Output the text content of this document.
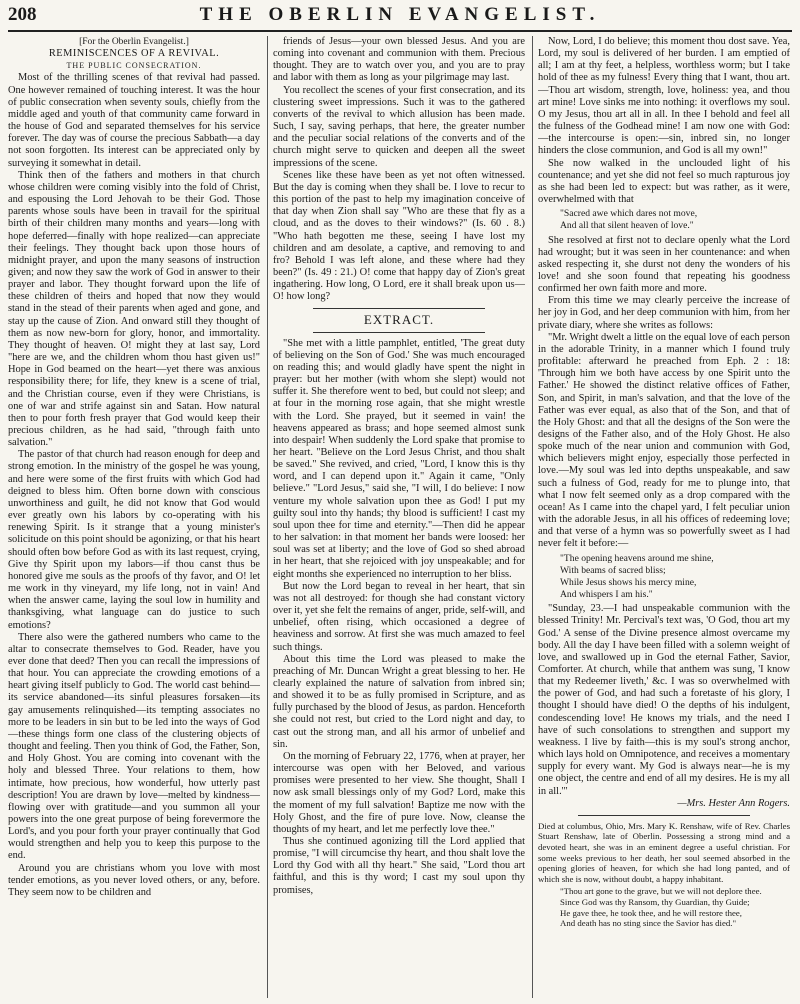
208	THE OBERLIN EVANGELIST.

[For the Oberlin Evangelist.]

REMINISCENCES OF A REVIVAL.

THE PUBLIC CONSECRATION.

Most of the thrilling scenes of that revival had passed. One however remained of touching interest. It was the hour of public consecration when seventy souls, chiefly from the middle aged and youth of that community came forward in the house of God and separated themselves for his service forever. The day was of course the precious Sabbath—a day not soon forgotten. Its interest can be appreciated only by surveying it somewhat in detail.

Think then of the fathers and mothers in that church whose children were coming visibly into the fold of Christ, and espousing the Lord Jehovah to be their God. Those parents whose souls have been in travail for the spiritual birth of their children many months and years—long with hope deferred—finally with hope realized—can appreciate their feelings. They thought back upon those hours of midnight prayer, and upon the many seasons of instruction given; and now they saw the work of God in answer to their prayer and labor. They thought forward upon the life of these children of theirs and hoped that now they would stand in the stead of their parents when aged and gone, and stay up the cause of Zion. And onward still they thought of them as now new-born for glory, honor, and immortality. They thought of heaven. O! might they at last say, Lord "here are we, and the children whom thou hast given us!" Hope in God beamed on the heart—yet there was anxious responsibility there; for life, they knew is a scene of trial, and the Christian course, even if they were Christians, is one of war and strife against sin and Satan. How natural then to pour forth fresh prayer that God would keep their precious children, as he had said, "through faith unto salvation."

The pastor of that church had reason enough for deep and strong emotion. In the ministry of the gospel he was young, and here were some of the first fruits with which God had deigned to bless him. Often borne down with conscious unworthiness and guilt, he did not know that God would ever greatly own his labors by co-operating with his renewing Spirit. Is it strange that a young minister's solicitude on this point should be agonizing, or that his heart should often bow before God as with its last request, crying, Give thy Spirit upon my labors—if thou canst thus be honored give me souls as the proofs of thy favor, and O! let me work in thy vineyard, my life long, not in vain! And when the answer came, laying the soul low in humility and thanksgiving, what language can do justice to such emotions?

There also were the gathered numbers who came to the altar to consecrate themselves to God. Reader, have you ever done that deed? Then you can recall the impressions of that hour. You can appreciate the crowding emotions of a heart giving itself publicly to God. The world cast behind—its service abandoned—its sinful pleasures forsaken—its gay amusements relinquished—its tempting associates no more to be leaders in sin but to be led into the ways of God—these things form one class of the clustering objects of thought and feeling. Then you think of God, the Father, Son, and Holy Ghost. You are coming into covenant with the holy and blessed Three. Your relations to them, how intimate, how precious, how wonderful, how utterly past description! You are drawn by love—melted by kindness—flowing over with gratitude—and you summon all your powers into the one great purpose of being forevermore the Lord's, and you pour forth your prayer continually that God would strengthen and help you to keep this purpose to the end.

Around you are christians whom you love with most tender emotions, as you never loved others, or any, before. They seem now to be children and

friends of Jesus—your own blessed Jesus. And you are coming into covenant and communion with them. Precious thought. They are to watch over you, and you are to pray and labor with them as long as your pilgrimage may last.

You recollect the scenes of your first consecration, and its clustering sweet impressions. Such it was to the gathered converts of the revival to which allusion has been made. Such, I say, saving perhaps, that here, the greater number and the peculiar social relations of the converts and of the church might serve to quicken and deepen all the sweet impressions of the scene.

Scenes like these have been as yet not often witnessed. But the day is coming when they shall be. I love to recur to this portion of the past to help my imagination conceive of that day when Zion shall say "Who are these that fly as a cloud, and as the doves to their windows?" (Is. 60 . 8.) "Who hath begotten me these, seeing I have lost my children and am desolate, a captive, and removing to and fro? Behold I was left alone, and these where had they been?" (Is. 49 : 21.) O! come that happy day of Zion's great ingathering. How long, O Lord, ere it shall break upon us—O! how long?

EXTRACT.

"She met with a little pamphlet, entitled, 'The great duty of believing on the Son of God.' She was much encouraged on reading this; and would gladly have spent the night in prayer: but her mother (with whom she slept) would not suffer it. She therefore went to bed, but could not sleep; and at four in the morning rose again, that she might wrestle with the Lord. She prayed, but it seemed in vain! the heavens appeared as brass; and hope seemed almost sunk into despair! When suddenly the Lord spake that promise to her heart. "Believe on the Lord Jesus Christ, and thou shalt be saved." She revived, and cried, "Lord, I know this is thy word, and I can depend upon it." Again it came, "Only believe." "Lord Jesus," said she, "I will, I do believe: I now venture my whole salvation upon thee as God! I put my guilty soul into thy hands; thy blood is sufficient! I cast my soul upon thee for time and eternity."—Then did he appear to her salvation: in that moment her bands were loosed: her soul was set at liberty; and the love of God so shed abroad in her heart, that she rejoiced with joy unspeakable; and for eight months she experienced no interruption to her bliss.

But now the Lord began to reveal in her heart, that sin was not all destroyed: for though she had constant victory over it, yet she felt the remains of anger, pride, self-will, and unbelief, often rising, which occasioned a degree of heaviness and sorrow. At first she was much amazed to feel such things.

About this time the Lord was pleased to make the preaching of Mr. Duncan Wright a great blessing to her. He clearly explained the nature of salvation from inbred sin; and showed it to be as fully promised in Scripture, and as fully purchased by the blood of Jesus, as pardon. Henceforth she could not rest, but cried to the Lord night and day, to cast out the strong man, and all his armor of unbelief and sin.

On the morning of February 22, 1776, when at prayer, her intercourse was open with her Beloved, and various promises were presented to her view. She thought, Shall I now ask small blessings only of my God? Lord, make this the moment of my full salvation! Baptize me now with the Holy Ghost, and the fire of pure love. Now, cleanse the thoughts of my heart, and let me perfectly love thee."

Thus she continued agonizing till the Lord applied that promise, "I will circumcise thy heart, and thou shalt love the Lord thy God with all thy heart." She said, "Lord thou art faithful, and this is thy word; I cast my soul upon thy promises,

Now, Lord, I do believe; this moment thou dost save. Yea, Lord, my soul is delivered of her burden. I am emptied of all; I am at thy feet, a helpless, worthless worm; but I take hold of thee as my fulness! Every thing that I want, thou art.—Thou art wisdom, strength, love, holiness: yea, and thou art mine! Love sinks me into nothing: it overflows my soul. O my Jesus, thou art all in all. In thee I behold and feel all the fulness of the Godhead mine! I am now one with God:—the intercourse is open:—sin, inbred sin, no longer hinders the close communion, and God is all my own!"

She now walked in the unclouded light of his countenance; and yet she did not feel so much rapturous joy as she had been led to expect: but was rather, as it were, overwhelmed with that

"Sacred awe which dares not move,
And all that silent heaven of love."

She resolved at first not to declare openly what the Lord had wrought; but it was seen in her countenance: and when asked respecting it, she durst not deny the wonders of his love! and she soon found that repeating his goodness confirmed her own faith more and more.

From this time we may clearly perceive the increase of her joy in God, and her deep communion with him, from her private diary, where she writes as follows:

"Mr. Wright dwelt a little on the equal love of each person in the adorable Trinity, in a manner which I found truly profitable: afterward he preached from Eph. 2 : 18: 'Through him we both have access by one Spirit unto the Father.' He showed the distinct relative offices of Father, Son, and Spirit, in man's salvation, and that the love of the Father was ever equal, as also that of the Son, and that of the Holy Ghost: and that all the designs of the Son were the designs of the Father also, and of the Holy Ghost. He also spoke much of the near union and communion with God, which believers might enjoy, especially those perfected in love.—My soul was led into depths unspeakable, and saw such a fulness of God, ready for me to plunge into, that what I now felt seemed only as a drop compared with the ocean! As I came into the chapel yard, I felt peculiar union with the adorable Jesus, in all his offices of redeeming love; and that verse of a hymn was so powerfully sweet as I had never felt it before:—

"The opening heavens around me shine,
With beams of sacred bliss;
While Jesus shows his mercy mine,
And whispers I am his."

"Sunday, 23.—I had unspeakable communion with the blessed Trinity! Mr. Percival's text was, 'O God, thou art my God.' A sense of the Divine presence almost overcame my body. All the day I have been filled with a solemn weight of love, and swallowed up in God the eternal Father, Savior, Comforter. At church, while that anthem was sung, 'I know that my Redeemer liveth,' &c. I was so overwhelmed with the power of God, and had such a foretaste of his glory, I thought I should have died! O the depths of his indulgent, condescending love! He knows my trials, and the need I have of such consolations to strengthen and support my weakness. I live by faith—this is my soul's strong anchor, which lays hold on Omnipotence, and receives a momentary supply for every want. My God is always near—he is my one object, the centre and end of all my desires. He is my all in all.'"

—Mrs. Hester Ann Rogers.

Died at columbus, Ohio, Mrs. Mary K. Renshaw, wife of Rev. Charles Stuart Renshaw, late of Oberlin. Possessing a strong mind and a devoted heart, she was in an eminent degree a useful christian. For some weeks previous to her death, her soul seemed absorbed in the opening glories of heaven, for which she had long panted, and of which she is now, without doubt, a happy inhabitant.

"Thou art gone to the grave, but we will not deplore thee.
Since God was thy Ransom, thy Guardian, thy Guide;
He gave thee, he took thee, and he will restore thee,
And death has no sting since the Savior has died."
